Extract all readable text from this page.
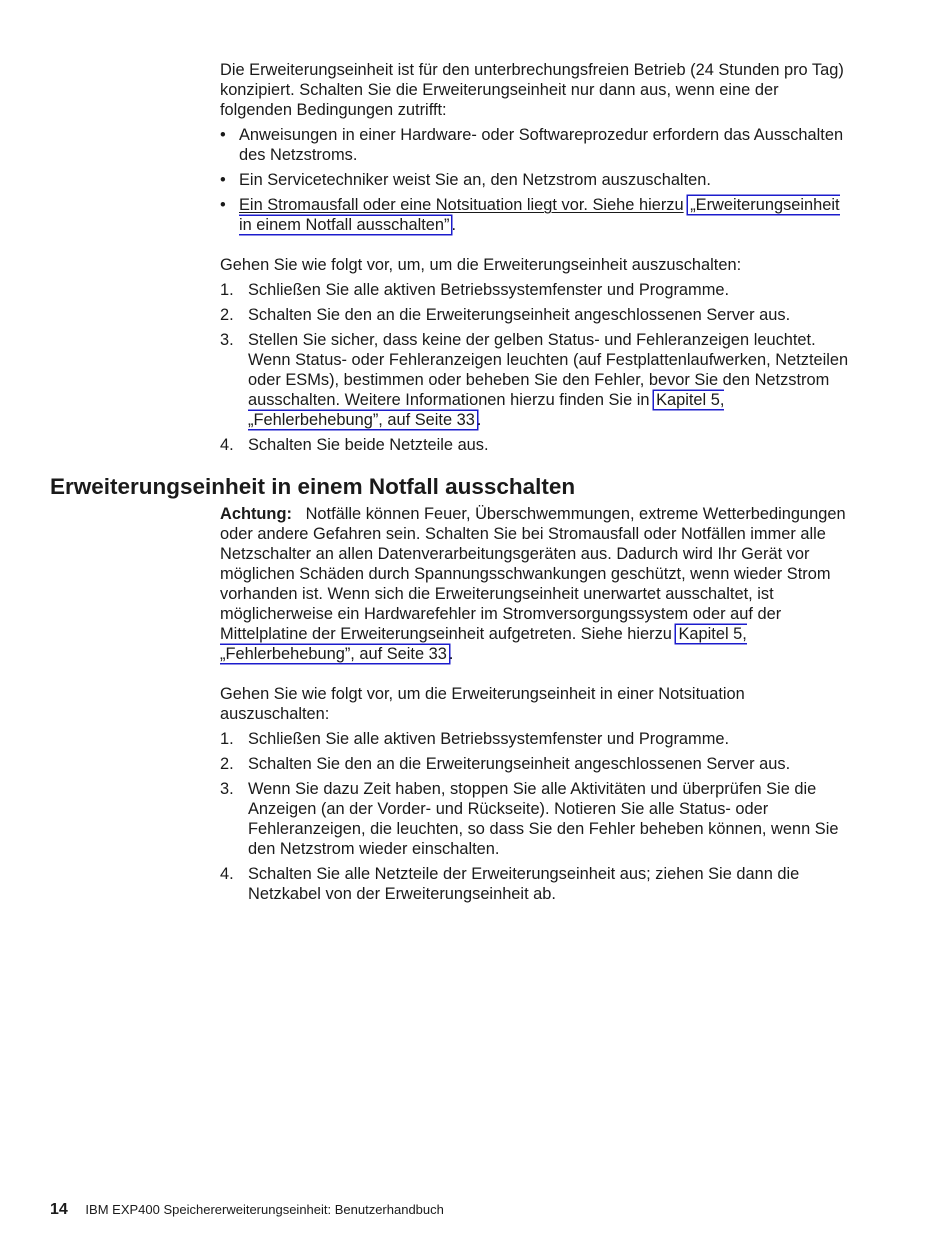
Die Erweiterungseinheit ist für den unterbrechungsfreien Betrieb (24 Stunden pro Tag) konzipiert. Schalten Sie die Erweiterungseinheit nur dann aus, wenn eine der folgenden Bedingungen zutrifft:

• Anweisungen in einer Hardware- oder Softwareprozedur erfordern das Ausschalten des Netzstroms.
• Ein Servicetechniker weist Sie an, den Netzstrom auszuschalten.
• Ein Stromausfall oder eine Notsituation liegt vor. Siehe hierzu „Erweiterungseinheit in einem Notfall ausschalten” .

Gehen Sie wie folgt vor, um, um die Erweiterungseinheit auszuschalten:

1. Schließen Sie alle aktiven Betriebssystemfenster und Programme.
2. Schalten Sie den an die Erweiterungseinheit angeschlossenen Server aus.
3. Stellen Sie sicher, dass keine der gelben Status- und Fehleranzeigen leuchtet. Wenn Status- oder Fehleranzeigen leuchten (auf Festplattenlaufwerken, Netzteilen oder ESMs), bestimmen oder beheben Sie den Fehler, bevor Sie den Netzstrom ausschalten. Weitere Informationen hierzu finden Sie in Kapitel 5, „Fehlerbehebung”, auf Seite 33 .
4. Schalten Sie beide Netzteile aus.
Erweiterungseinheit in einem Notfall ausschalten

Achtung: Notfälle können Feuer, Überschwemmungen, extreme Wetterbedingungen oder andere Gefahren sein. Schalten Sie bei Stromausfall oder Notfällen immer alle Netzschalter an allen Datenverarbeitungsgeräten aus. Dadurch wird Ihr Gerät vor möglichen Schäden durch Spannungsschwankungen geschützt, wenn wieder Strom vorhanden ist. Wenn sich die Erweiterungseinheit unerwartet ausschaltet, ist möglicherweise ein Hardwarefehler im Stromversorgungssystem oder auf der Mittelplatine der Erweiterungseinheit aufgetreten. Siehe hierzu Kapitel 5, „Fehlerbehebung”, auf Seite 33 .

Gehen Sie wie folgt vor, um die Erweiterungseinheit in einer Notsituation auszuschalten:

1. Schließen Sie alle aktiven Betriebssystemfenster und Programme.
2. Schalten Sie den an die Erweiterungseinheit angeschlossenen Server aus.
3. Wenn Sie dazu Zeit haben, stoppen Sie alle Aktivitäten und überprüfen Sie die Anzeigen (an der Vorder- und Rückseite). Notieren Sie alle Status- oder Fehleranzeigen, die leuchten, so dass Sie den Fehler beheben können, wenn Sie den Netzstrom wieder einschalten.
4. Schalten Sie alle Netzteile der Erweiterungseinheit aus; ziehen Sie dann die Netzkabel von der Erweiterungseinheit ab.
14 IBM EXP400 Speichererweiterungseinheit: Benutzerhandbuch
